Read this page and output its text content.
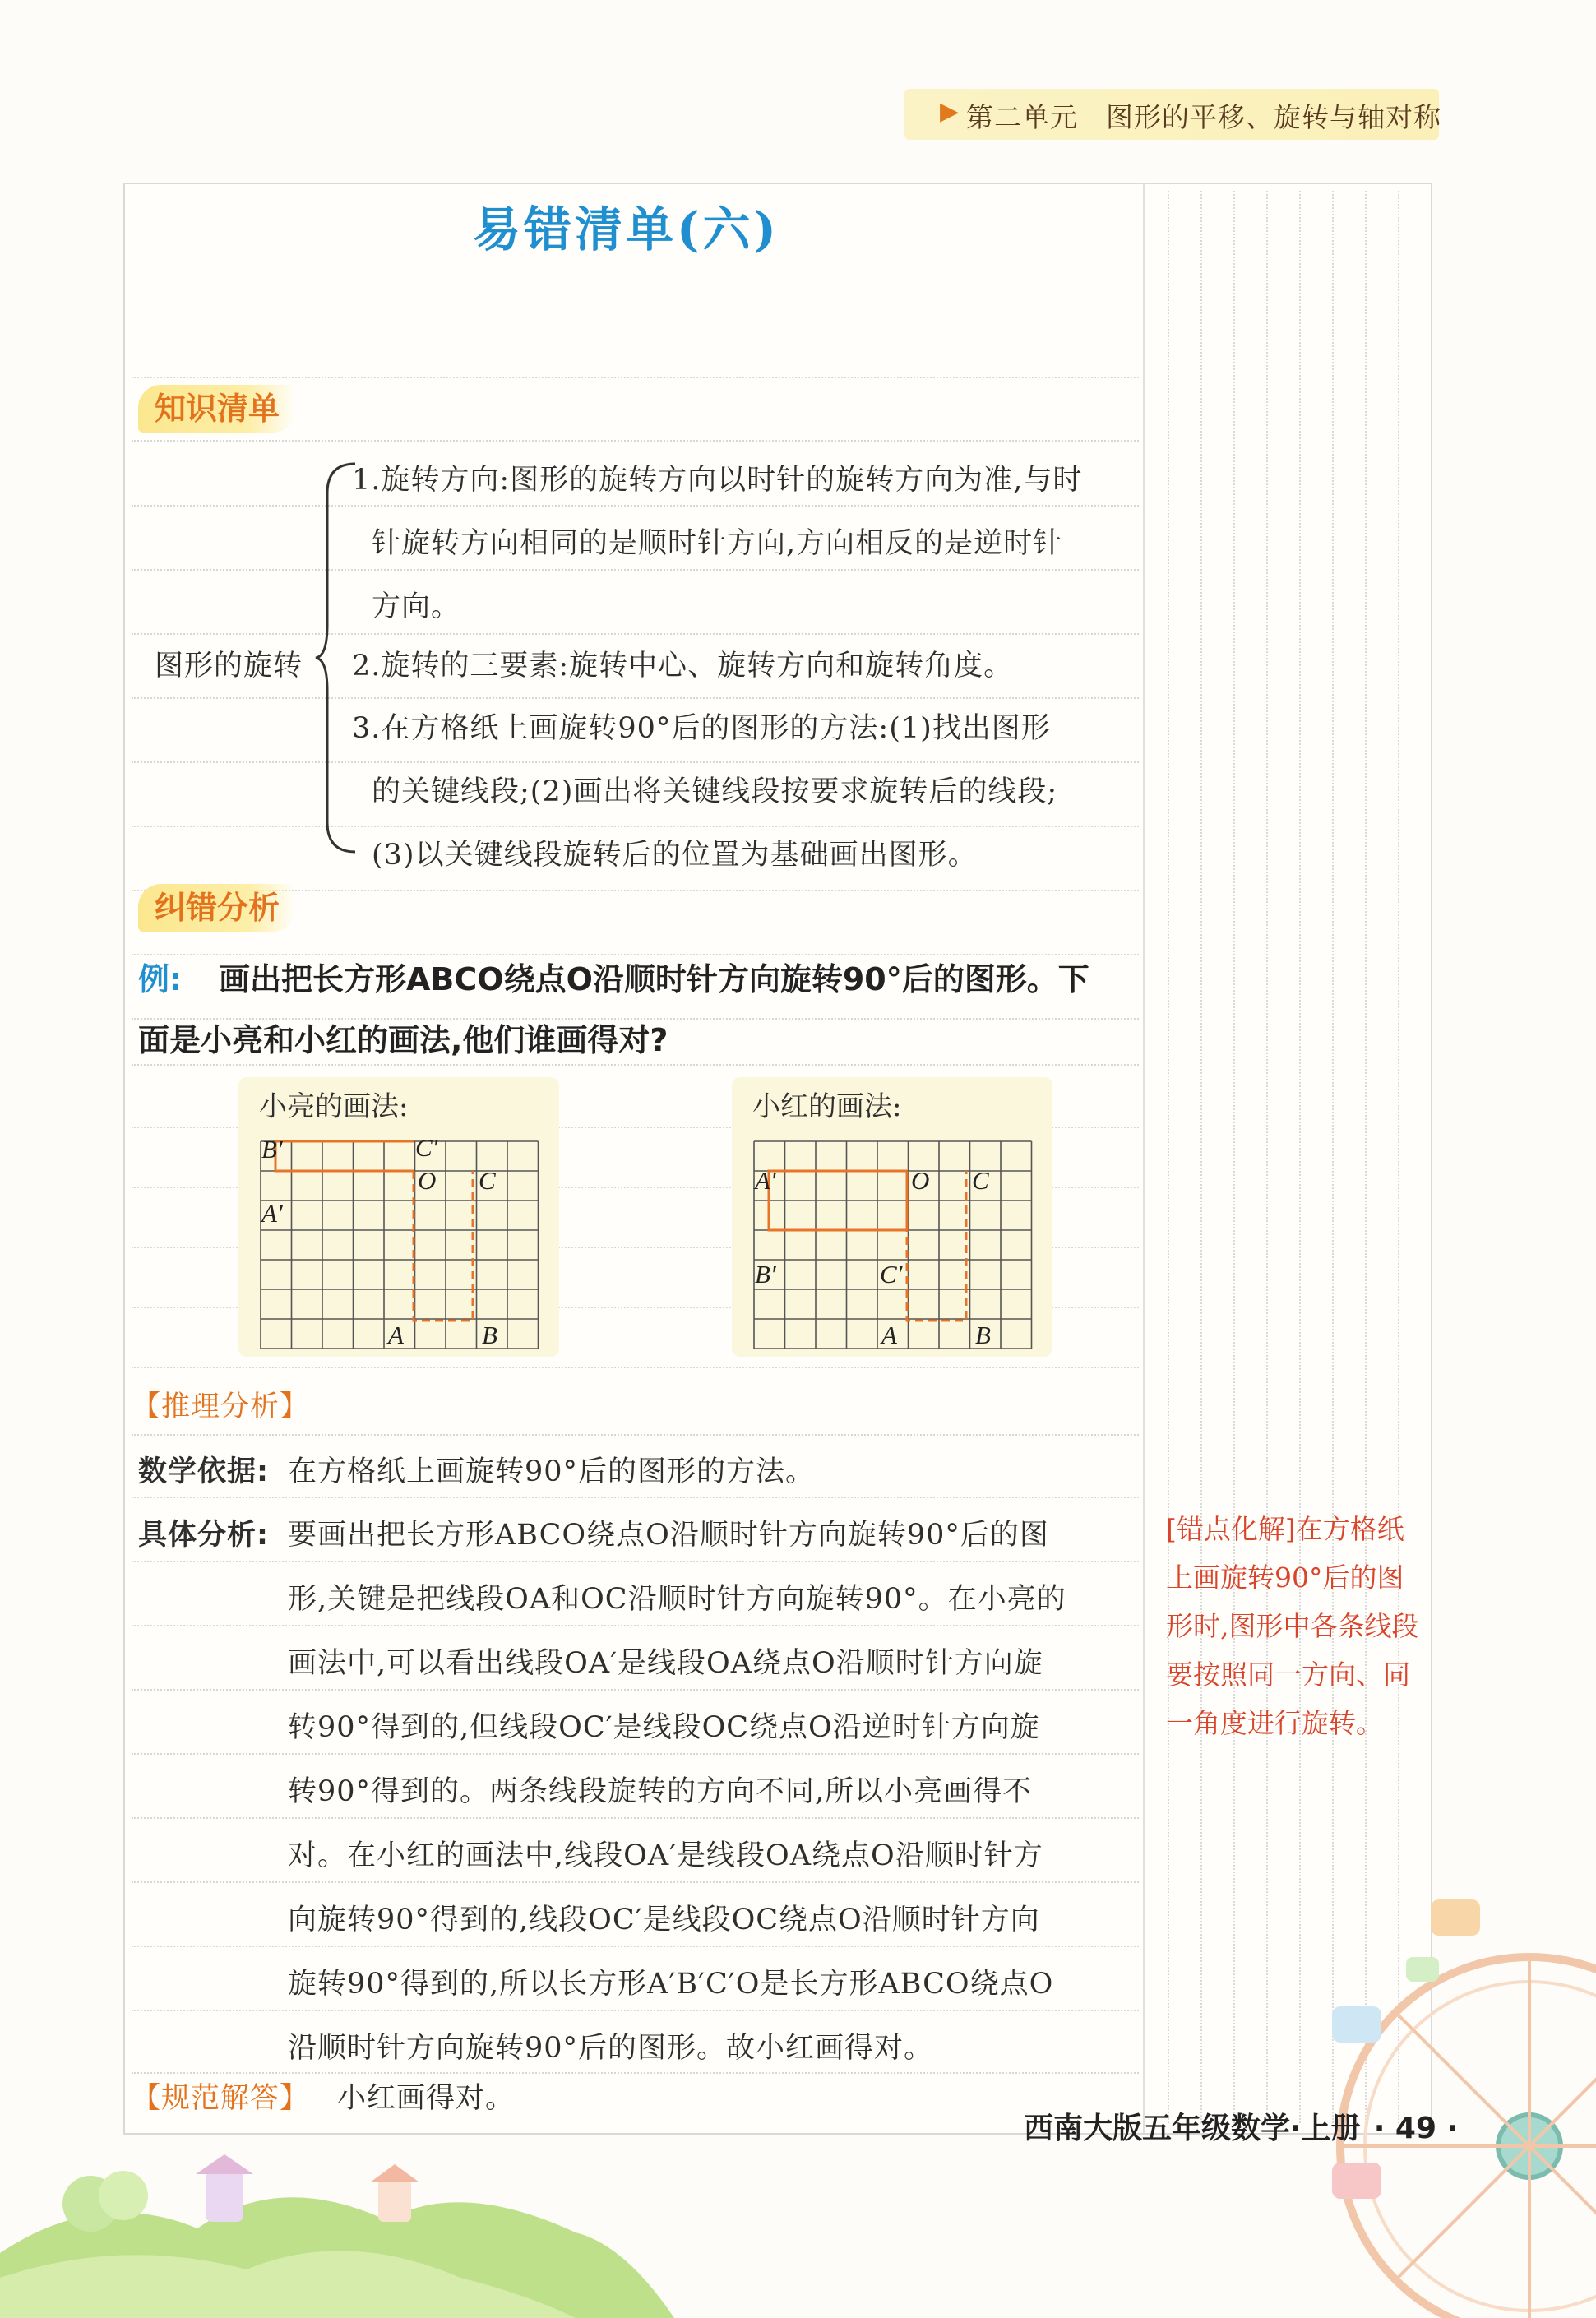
▶ 第二单元　图形的平移、旋转与轴对称
易错清单(六)
知识清单
图形的旋转
1.旋转方向:图形的旋转方向以时针的旋转方向为准,与时
针旋转方向相同的是顺时针方向,方向相反的是逆时针
方向。
2.旋转的三要素:旋转中心、旋转方向和旋转角度。
3.在方格纸上画旋转90°后的图形的方法:(1)找出图形
的关键线段;(2)画出将关键线段按要求旋转后的线段;
(3)以关键线段旋转后的位置为基础画出图形。
纠错分析
例: 画出把长方形ABCO绕点O沿顺时针方向旋转90°后的图形。下
面是小亮和小红的画法,他们谁画得对?
小亮的画法:
B′	C′
O C
A′
A	B
小红的画法:
A′	O C
B′	C′
A	B
【推理分析】
数学依据: 在方格纸上画旋转90°后的图形的方法。
具体分析: 要画出把长方形ABCO绕点O沿顺时针方向旋转90°后的图
形,关键是把线段OA和OC沿顺时针方向旋转90°。在小亮的
画法中,可以看出线段OA′是线段OA绕点O沿顺时针方向旋
转90°得到的,但线段OC′是线段OC绕点O沿逆时针方向旋
转90°得到的。两条线段旋转的方向不同,所以小亮画得不
对。在小红的画法中,线段OA′是线段OA绕点O沿顺时针方
向旋转90°得到的,线段OC′是线段OC绕点O沿顺时针方向
旋转90°得到的,所以长方形A′B′C′O是长方形ABCO绕点O
沿顺时针方向旋转90°后的图形。故小红画得对。
【规范解答】 小红画得对。
[错点化解]在方格纸上画旋转90°后的图形时,图形中各条线段要按照同一方向、同一角度进行旋转。
西南大版五年级数学·上册 · 49 ·
